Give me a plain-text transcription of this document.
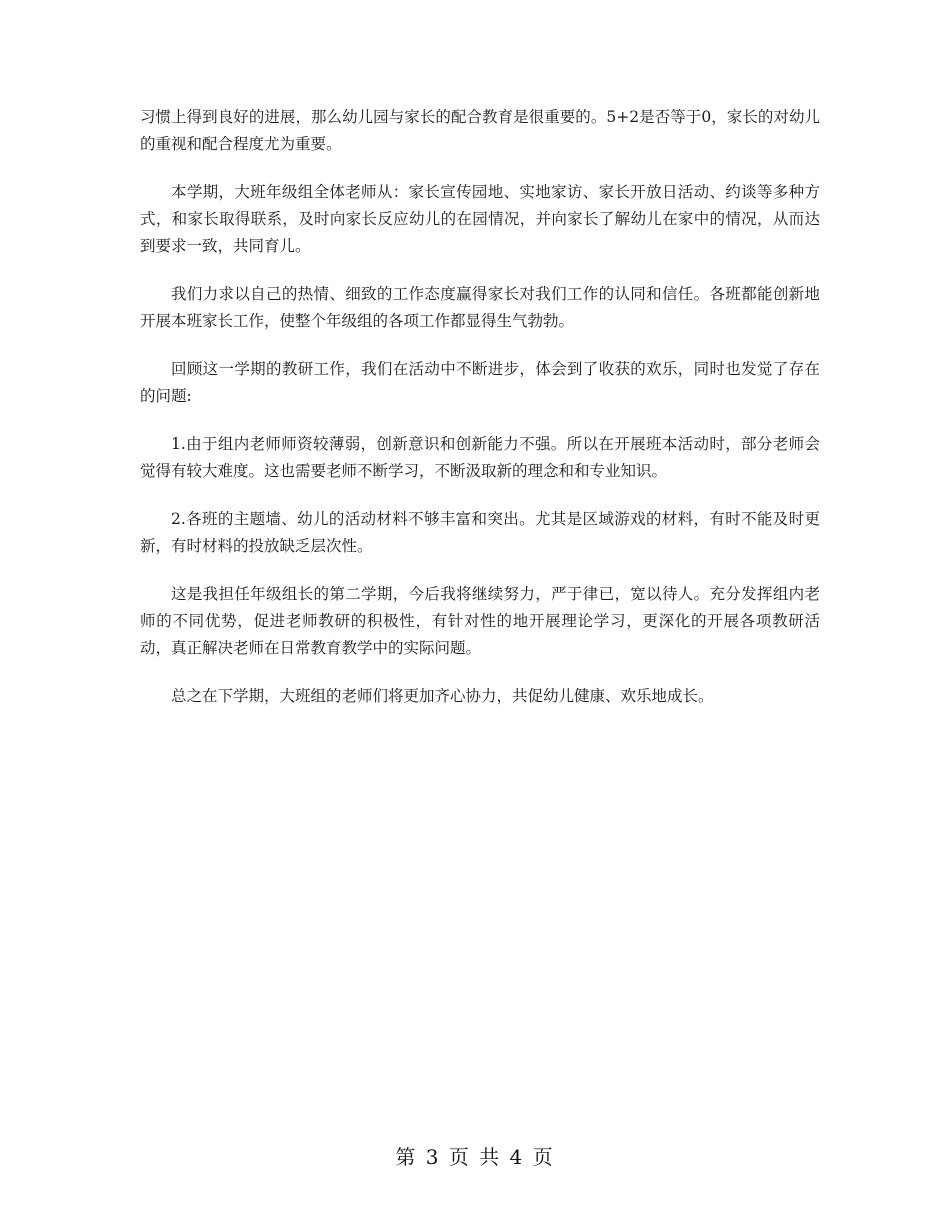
习惯上得到良好的进展，那么幼儿园与家长的配合教育是很重要的。5+2是否等于0，家长的对幼儿的重视和配合程度尤为重要。

本学期，大班年级组全体老师从：家长宣传园地、实地家访、家长开放日活动、约谈等多种方式，和家长取得联系，及时向家长反应幼儿的在园情况，并向家长了解幼儿在家中的情况，从而达到要求一致，共同育儿。

我们力求以自己的热情、细致的工作态度赢得家长对我们工作的认同和信任。各班都能创新地开展本班家长工作，使整个年级组的各项工作都显得生气勃勃。

回顾这一学期的教研工作，我们在活动中不断进步，体会到了收获的欢乐，同时也发觉了存在的问题:

1.由于组内老师师资较薄弱，创新意识和创新能力不强。所以在开展班本活动时，部分老师会觉得有较大难度。这也需要老师不断学习，不断汲取新的理念和和专业知识。

2.各班的主题墙、幼儿的活动材料不够丰富和突出。尤其是区域游戏的材料，有时不能及时更新，有时材料的投放缺乏层次性。

这是我担任年级组长的第二学期，今后我将继续努力，严于律已，宽以待人。充分发挥组内老师的不同优势，促进老师教研的积极性，有针对性的地开展理论学习，更深化的开展各项教研活动，真正解决老师在日常教育教学中的实际问题。

总之在下学期，大班组的老师们将更加齐心协力，共促幼儿健康、欢乐地成长。

第 3 页 共 4 页
